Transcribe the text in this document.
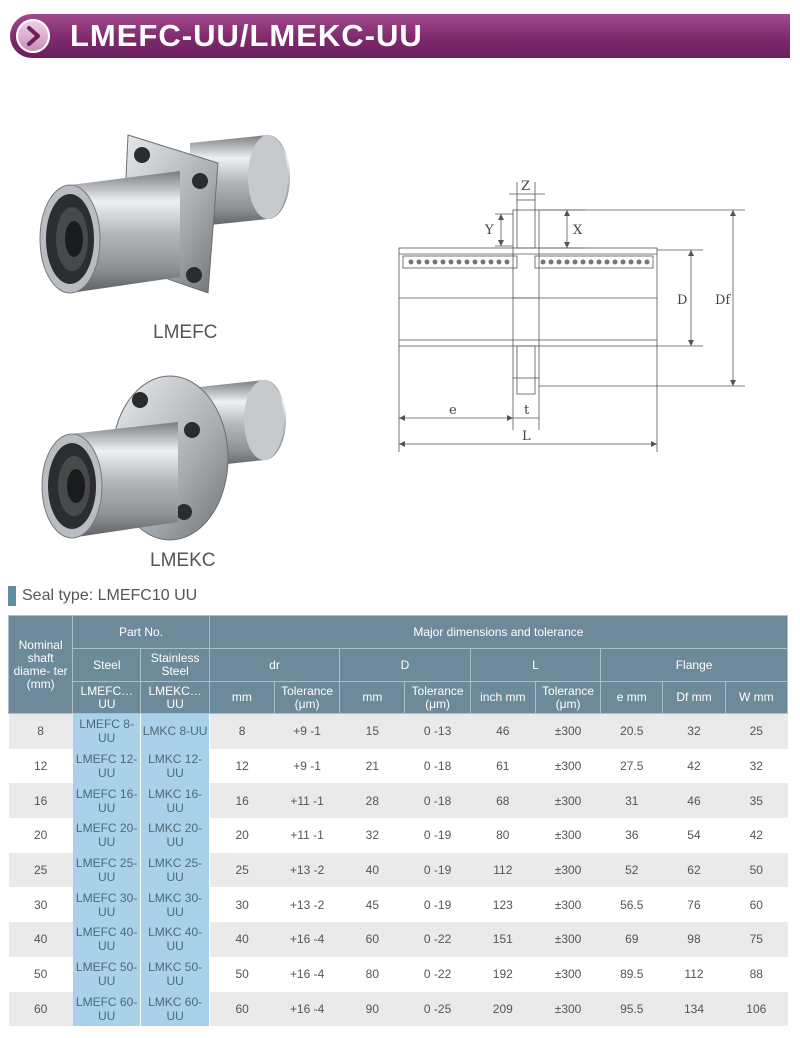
LMEFC-UU/LMEKC-UU
LMEFC
LMEKC
Z
Y	X
D Df
e	t
L
Seal type: LMEFC10 UU
Nominal shaft diame- ter (mm)	Part No.		Major dimensions and tolerance								
	Steel	Stainless Steel	dr		D		L		Flange		
	LMEFC…UU	LMEKC…UU	mm	Tolerance (μm)	mm	Tolerance (μm)	inch mm	Tolerance (μm)	e mm	Df mm	W mm
8	LMEFC 8-UU	LMKC 8-UU	8	+9 -1	15	0 -13	46	±300	20.5	32	25
12	LMEFC 12-UU	LMKC 12-UU	12	+9 -1	21	0 -18	61	±300	27.5	42	32
16	LMEFC 16-UU	LMKC 16-UU	16	+11 -1	28	0 -18	68	±300	31	46	35
20	LMEFC 20-UU	LMKC 20-UU	20	+11 -1	32	0 -19	80	±300	36	54	42
25	LMEFC 25-UU	LMKC 25-UU	25	+13 -2	40	0 -19	112	±300	52	62	50
30	LMEFC 30-UU	LMKC 30-UU	30	+13 -2	45	0 -19	123	±300	56.5	76	60
40	LMEFC 40-UU	LMKC 40-UU	40	+16 -4	60	0 -22	151	±300	69	98	75
50	LMEFC 50-UU	LMKC 50-UU	50	+16 -4	80	0 -22	192	±300	89.5	112	88
60	LMEFC 60-UU	LMKC 60-UU	60	+16 -4	90	0 -25	209	±300	95.5	134	106
